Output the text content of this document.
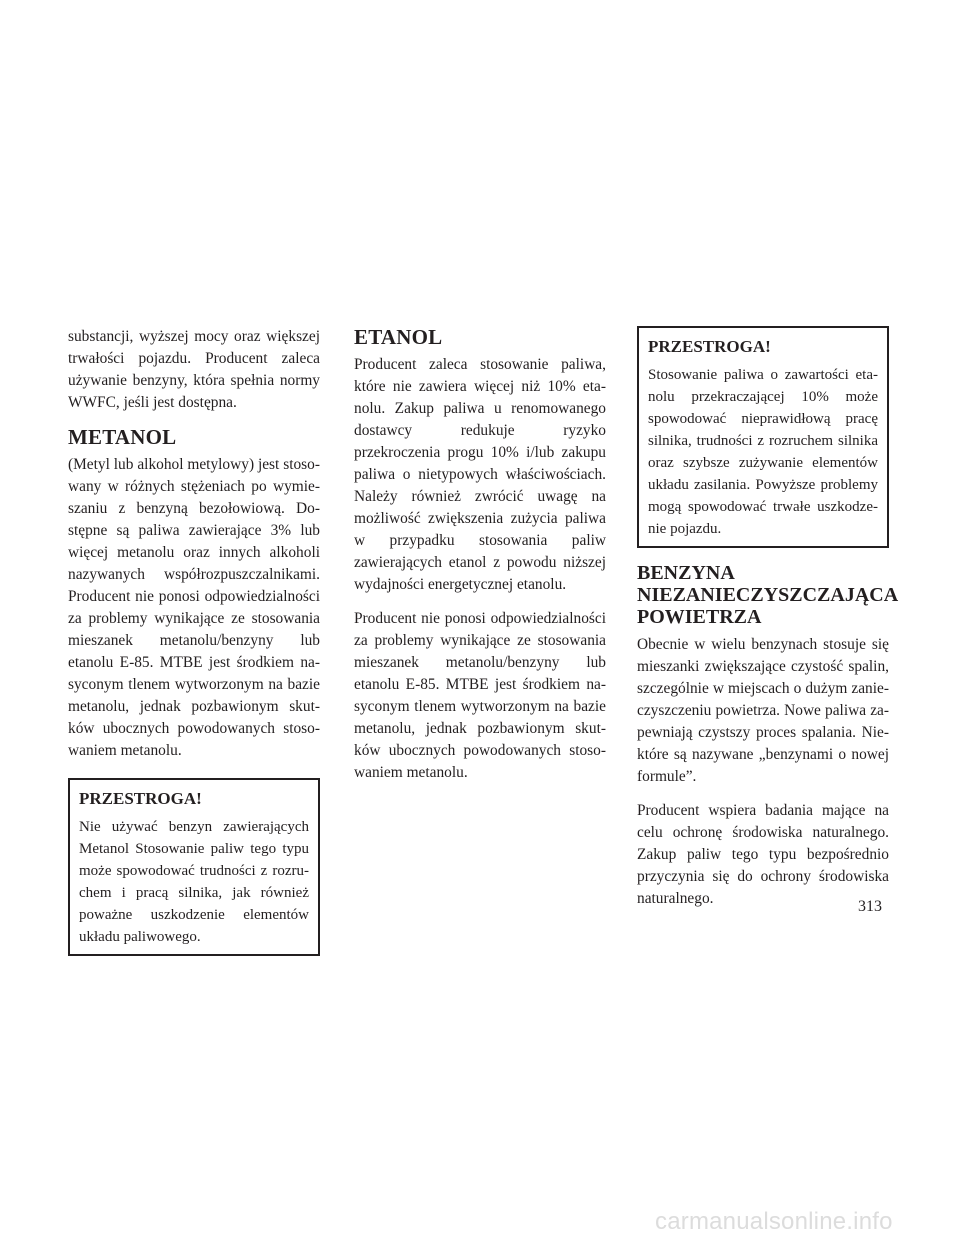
substancji, wyższej mocy oraz większej trwałości pojazdu. Producent zaleca używanie benzyny, która spełnia normy WWFC, jeśli jest dostępna.

METANOL

(Metyl lub alkohol metylowy) jest stosowany w różnych stężeniach po wymieszaniu z benzyną bezołowiową. Dostępne są paliwa zawierające 3% lub więcej metanolu oraz innych alkoholi nazywanych współrozpuszczalnikami. Producent nie ponosi odpowiedzialności za problemy wynikające ze stosowania mieszanek metanolu/benzyny lub etanolu E-85. MTBE jest środkiem nasyconym tlenem wytworzonym na bazie metanolu, jednak pozbawionym skutków ubocznych powodowanych stosowaniem metanolu.

PRZESTROGA!

Nie używać benzyn zawierających Metanol Stosowanie paliw tego typu może spowodować trudności z rozruchem i pracą silnika, jak również poważne uszkodzenie elementów układu paliwowego.

ETANOL

Producent zaleca stosowanie paliwa, które nie zawiera więcej niż 10% etanolu. Zakup paliwa u renomowanego dostawcy redukuje ryzyko przekroczenia progu 10% i/lub zakupu paliwa o nietypowych właściwościach. Należy również zwrócić uwagę na możliwość zwiększenia zużycia paliwa w przypadku stosowania paliw zawierających etanol z powodu niższej wydajności energetycznej etanolu.

Producent nie ponosi odpowiedzialności za problemy wynikające ze stosowania mieszanek metanolu/benzyny lub etanolu E-85. MTBE jest środkiem nasyconym tlenem wytworzonym na bazie metanolu, jednak pozbawionym skutków ubocznych powodowanych stosowaniem metanolu.

PRZESTROGA!

Stosowanie paliwa o zawartości etanolu przekraczającej 10% może spowodować nieprawidłową pracę silnika, trudności z rozruchem silnika oraz szybsze zużywanie elementów układu zasilania. Powyższe problemy mogą spowodować trwałe uszkodzenie pojazdu.

BENZYNA
NIEZANIECZYSZCZAJĄCA
POWIETRZA

Obecnie w wielu benzynach stosuje się mieszanki zwiększające czystość spalin, szczególnie w miejscach o dużym zanieczyszczeniu powietrza. Nowe paliwa zapewniają czystszy proces spalania. Niektóre są nazywane „benzynami o nowej formule”.

Producent wspiera badania mające na celu ochronę środowiska naturalnego. Zakup paliw tego typu bezpośrednio przyczynia się do ochrony środowiska naturalnego.	313
carmanualsonline.info
